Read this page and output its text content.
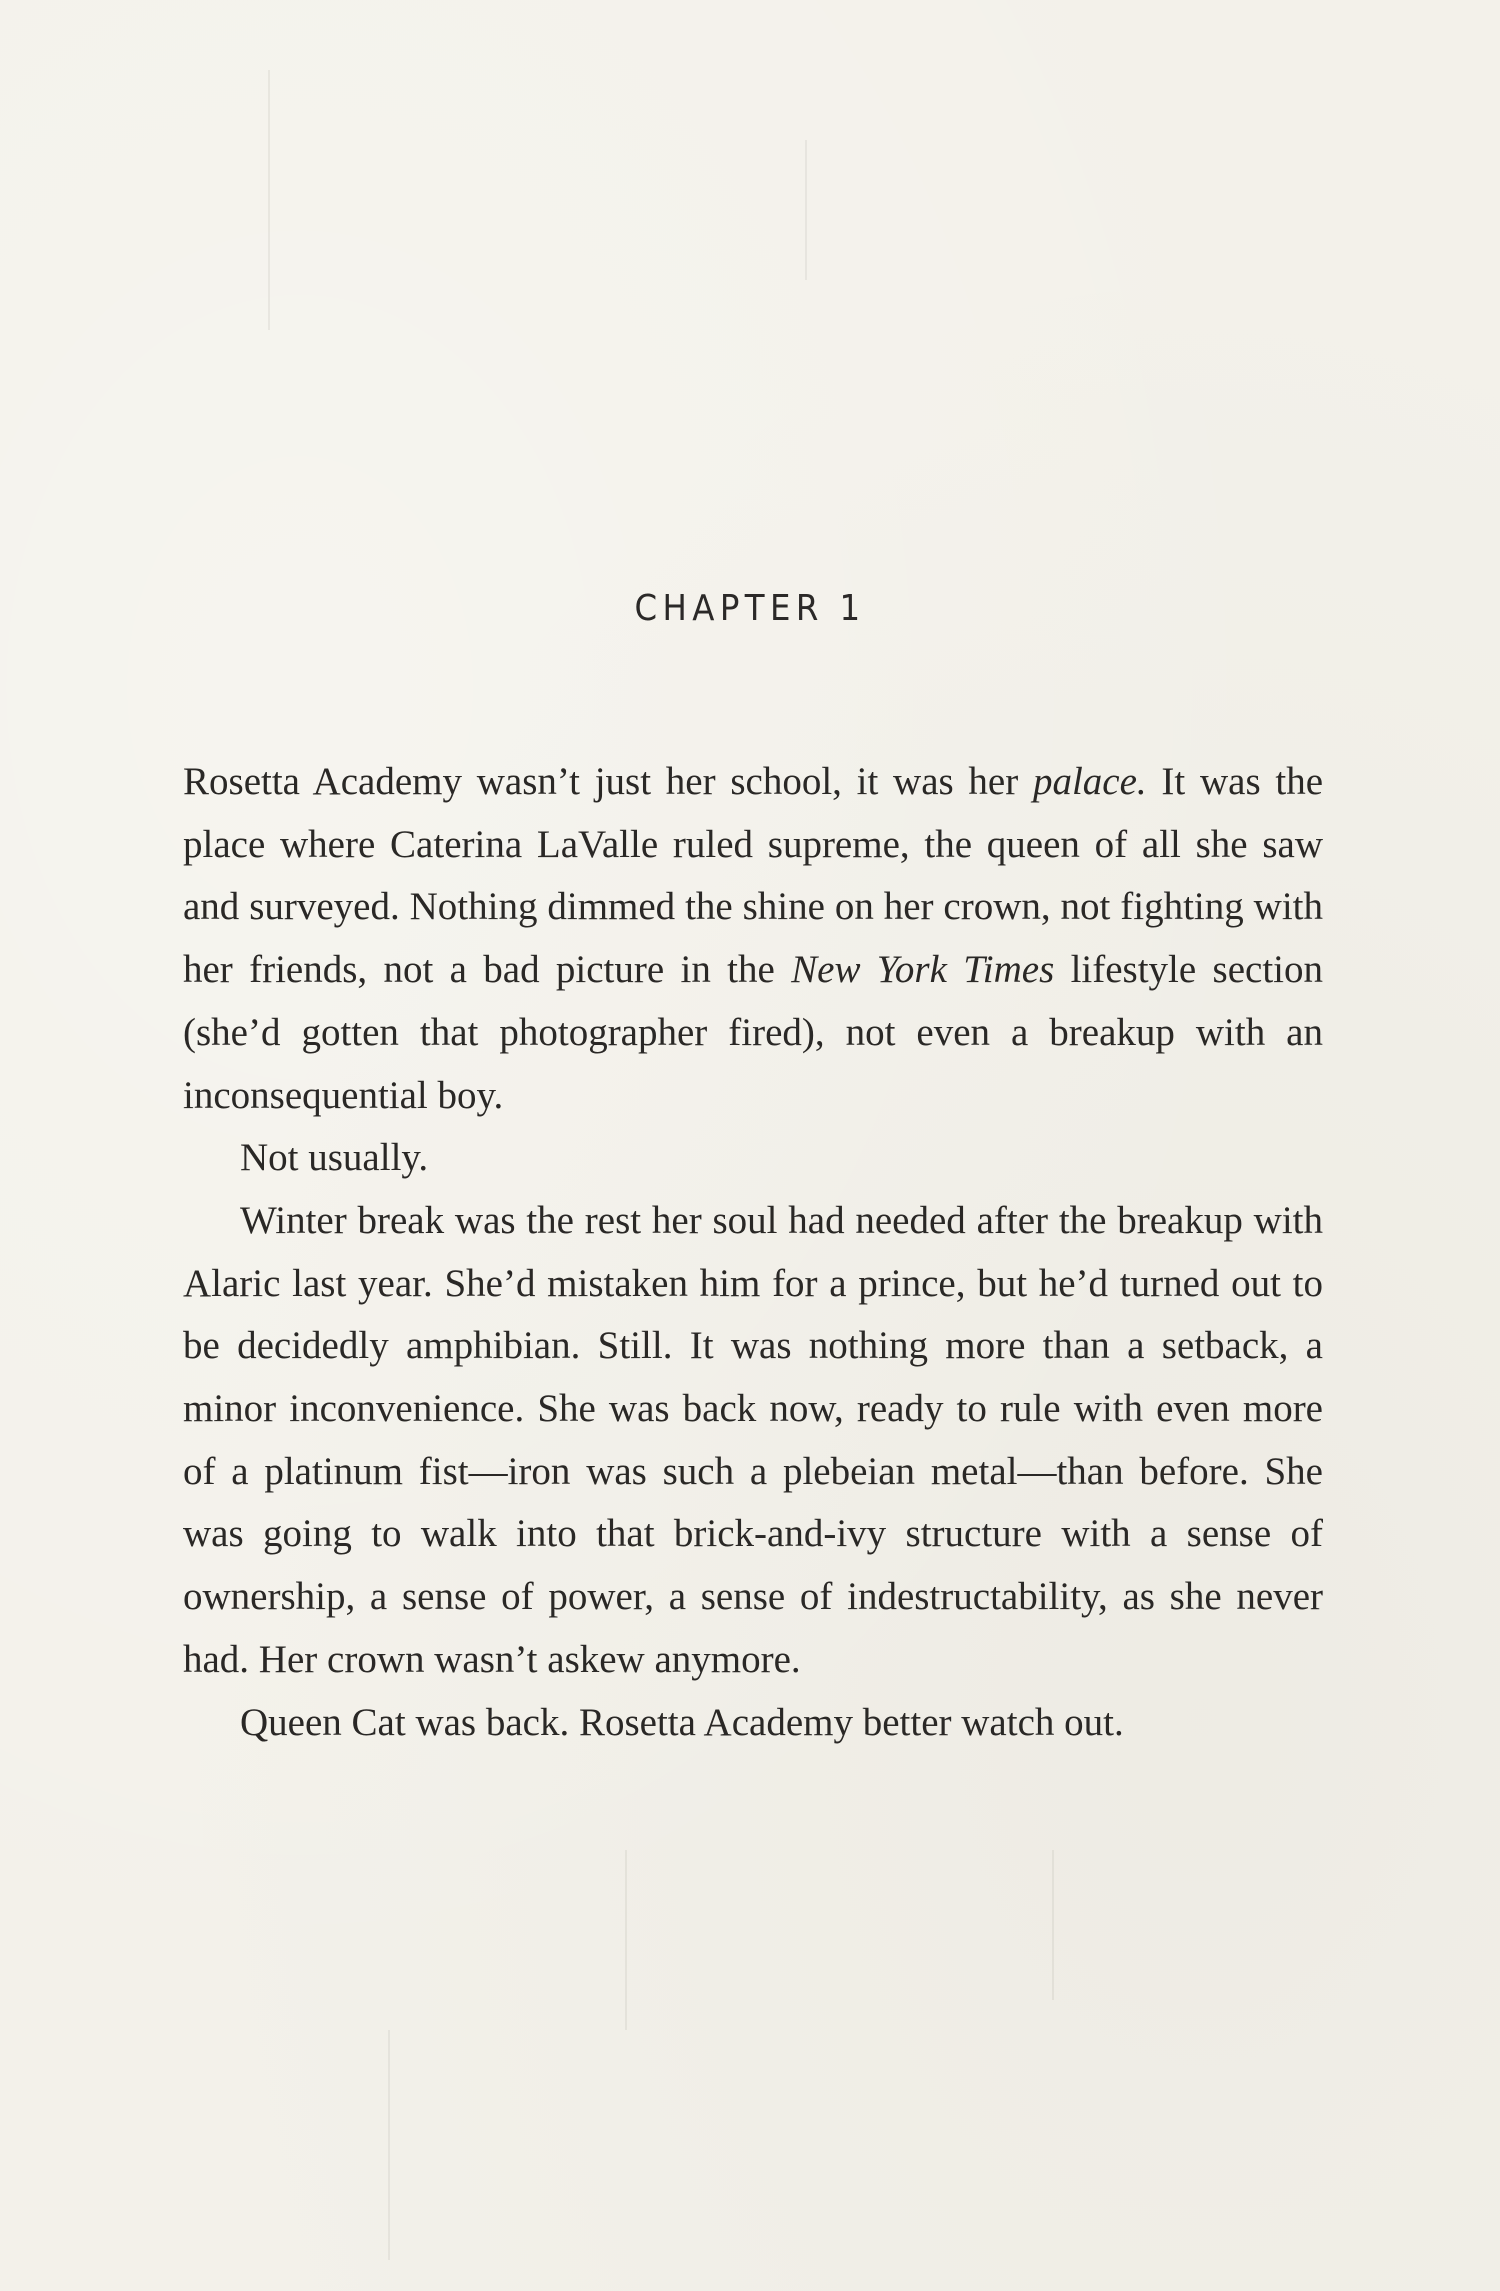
CHAPTER 1

Rosetta Academy wasn’t just her school, it was her palace. It was the place where Caterina LaValle ruled supreme, the queen of all she saw and surveyed. Nothing dimmed the shine on her crown, not fighting with her friends, not a bad picture in the New York Times lifestyle section (she’d gotten that photographer fired), not even a breakup with an inconsequential boy.

Not usually.

Winter break was the rest her soul had needed after the breakup with Alaric last year. She’d mistaken him for a prince, but he’d turned out to be decidedly amphibian. Still. It was nothing more than a setback, a minor inconvenience. She was back now, ready to rule with even more of a platinum fist—iron was such a plebeian metal—than before. She was going to walk into that brick-and-ivy structure with a sense of ownership, a sense of power, a sense of indestructability, as she never had. Her crown wasn’t askew anymore.

Queen Cat was back. Rosetta Academy better watch out.
